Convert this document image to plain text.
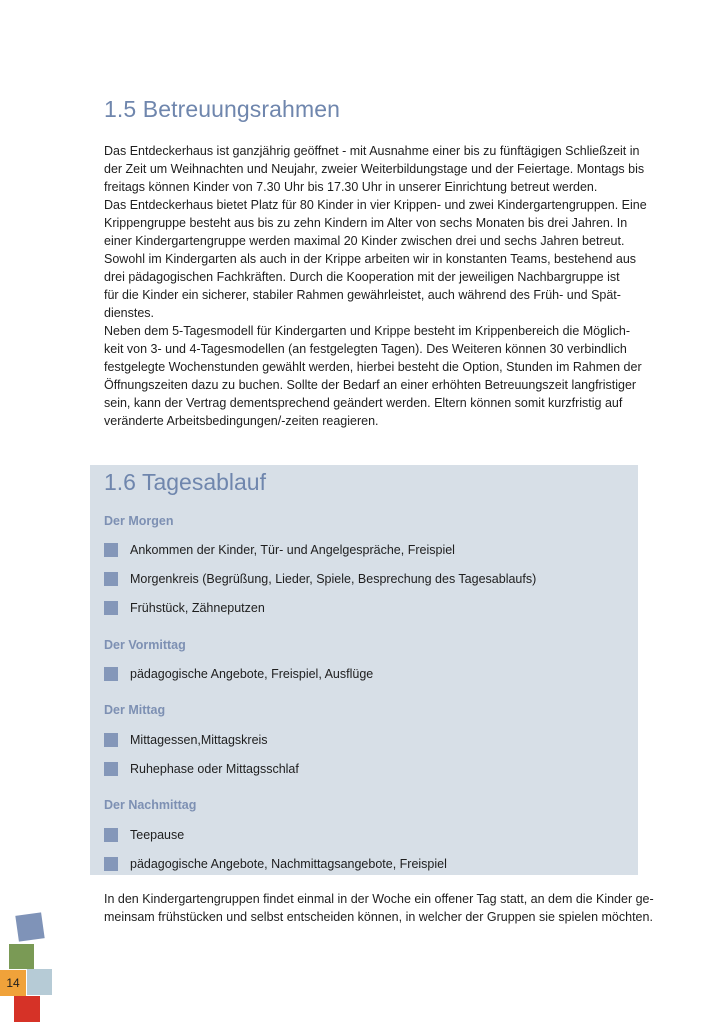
1.5 Betreuungsrahmen

Das Entdeckerhaus ist ganzjährig geöffnet - mit Ausnahme einer bis zu fünftägigen Schließzeit in
der Zeit um Weihnachten und Neujahr, zweier Weiterbildungstage und der Feiertage. Montags bis
freitags können Kinder von 7.30 Uhr bis 17.30 Uhr in unserer Einrichtung betreut werden.
Das Entdeckerhaus bietet Platz für 80 Kinder in vier Krippen- und zwei Kindergartengruppen. Eine
Krippengruppe besteht aus bis zu zehn Kindern im Alter von sechs Monaten bis drei Jahren. In
einer Kindergartengruppe werden maximal 20 Kinder zwischen drei und sechs Jahren betreut.
Sowohl im Kindergarten als auch in der Krippe arbeiten wir in konstanten Teams, bestehend aus
drei pädagogischen Fachkräften. Durch die Kooperation mit der jeweiligen Nachbargruppe ist
für die Kinder ein sicherer, stabiler Rahmen gewährleistet, auch während des Früh- und Spät-
dienstes.
Neben dem 5-Tagesmodell für Kindergarten und Krippe besteht im Krippenbereich die Möglich-
keit von 3- und 4-Tagesmodellen (an festgelegten Tagen). Des Weiteren können 30 verbindlich
festgelegte Wochenstunden gewählt werden, hierbei besteht die Option, Stunden im Rahmen der
Öffnungszeiten dazu zu buchen. Sollte der Bedarf an einer erhöhten Betreuungszeit langfristiger
sein, kann der Vertrag dementsprechend geändert werden. Eltern können somit kurzfristig auf
veränderte Arbeitsbedingungen/-zeiten reagieren.

1.6 Tagesablauf
Der Morgen
Ankommen der Kinder, Tür- und Angelgespräche, Freispiel
Morgenkreis (Begrüßung, Lieder, Spiele, Besprechung des Tagesablaufs)
Frühstück, Zähneputzen
Der Vormittag
pädagogische Angebote, Freispiel, Ausflüge
Der Mittag
Mittagessen,Mittagskreis
Ruhephase oder Mittagsschlaf
Der Nachmittag
Teepause
pädagogische Angebote, Nachmittagsangebote, Freispiel

In den Kindergartengruppen findet einmal in der Woche ein offener Tag statt, an dem die Kinder ge-
meinsam frühstücken und selbst entscheiden können, in welcher der Gruppen sie spielen möchten.

14
